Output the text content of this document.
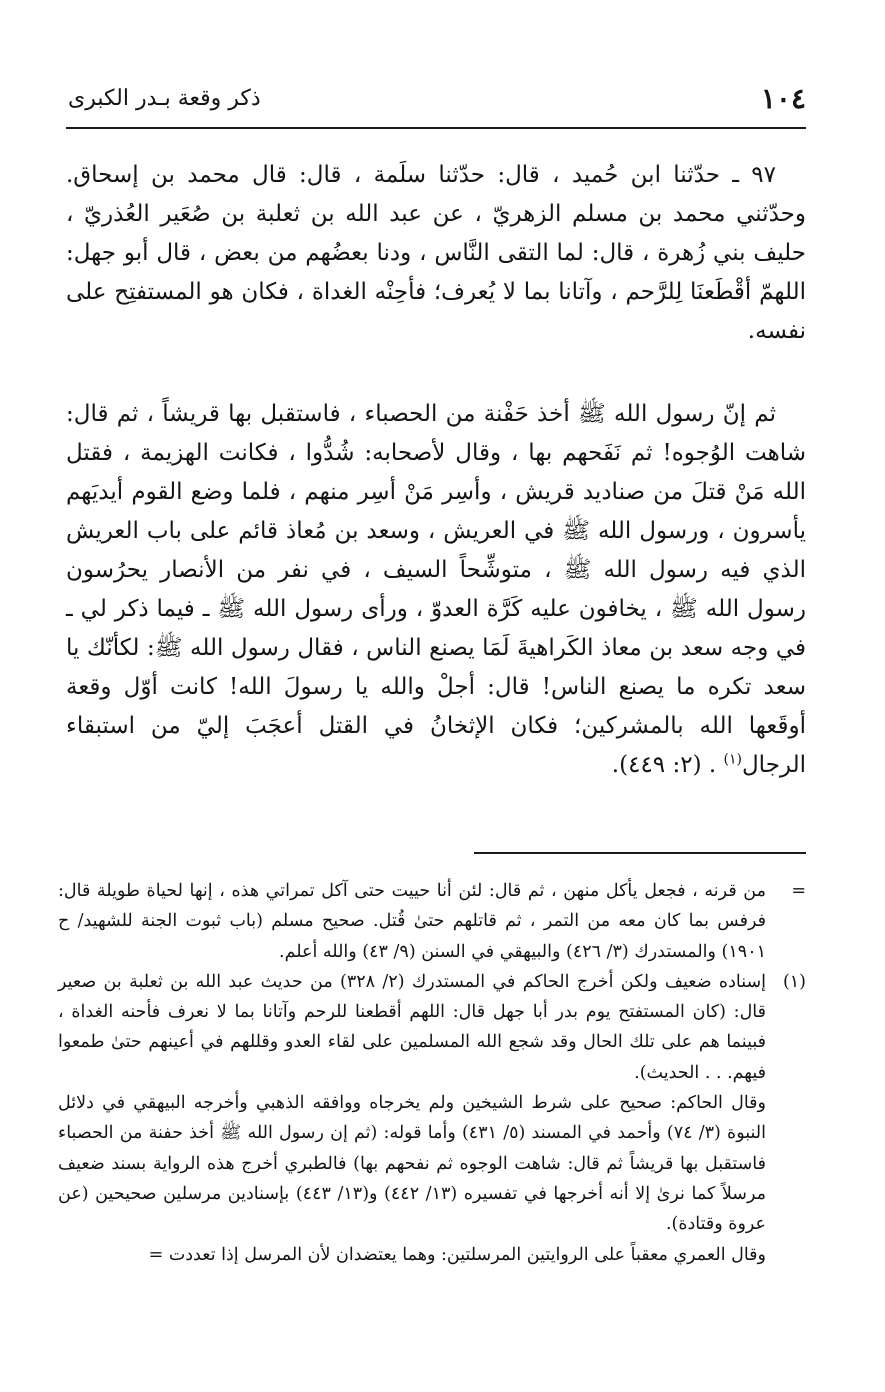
١٠٤
ذكر وقعة بـدر الكبرى

٩٧ ـ حدّثنا ابن حُميد ، قال: حدّثنا سلَمة ، قال: قال محمد بن إسحاق. وحدّثني محمد بن مسلم الزهريّ ، عن عبد الله بن ثعلبة بن صُعَير العُذريّ ، حليف بني زُهرة ، قال: لما التقى النَّاس ، ودنا بعضُهم من بعض ، قال أبو جهل: اللهمّ أقْطَعنَا لِلرَّحم ، وآتانا بما لا يُعرف؛ فأحِنْه الغداة ، فكان هو المستفتِح على نفسه.

ثم إنّ رسول الله ﷺ أخذ حَفْنة من الحصباء ، فاستقبل بها قريشاً ، ثم قال: شاهت الوُجوه! ثم نَفَحهم بها ، وقال لأصحابه: شُدُّوا ، فكانت الهزيمة ، فقتل الله مَنْ قتلَ من صناديد قريش ، وأسِر مَنْ أسِر منهم ، فلما وضع القوم أيديَهم يأسرون ، ورسول الله ﷺ في العريش ، وسعد بن مُعاذ قائم على باب العريش الذي فيه رسول الله ﷺ ، متوشِّحاً السيف ، في نفر من الأنصار يحرُسون رسول الله ﷺ ، يخافون عليه كَرَّة العدوّ ، ورأى رسول الله ﷺ ـ فيما ذكر لي ـ في وجه سعد بن معاذ الكَراهيةَ لَمَا يصنع الناس ، فقال رسول الله ﷺ: لكأنّك يا سعد تكره ما يصنع الناس! قال: أجلْ والله يا رسولَ الله! كانت أوّل وقعة أوقَعها الله بالمشركين؛ فكان الإثخانُ في القتل أعجَبَ إليّ من استبقاء الرجال$^{(١)}$ . (٢: ٤٤٩).

=

من قرنه ، فجعل يأكل منهن ، ثم قال: لئن أنا حييت حتى آكل تمراتي هذه ، إنها لحياة طويلة قال: فرفس بما كان معه من التمر ، ثم قاتلهم حتىٰ قُتل. صحيح مسلم (باب ثبوت الجنة للشهيد/ ح ١٩٠١) والمستدرك (٣/ ٤٢٦) والبيهقي في السنن (٩/ ٤٣) والله أعلم.

(١)

إسناده ضعيف ولكن أخرج الحاكم في المستدرك (٢/ ٣٢٨) من حديث عبد الله بن ثعلبة بن صعير قال: (كان المستفتح يوم بدر أبا جهل قال: اللهم أقطعنا للرحم وآتانا بما لا نعرف فأحنه الغداة ، فبينما هم على تلك الحال وقد شجع الله المسلمين على لقاء العدو وقللهم في أعينهم حتىٰ طمعوا فيهم. . . الحديث).

وقال الحاكم: صحيح على شرط الشيخين ولم يخرجاه ووافقه الذهبي وأخرجه البيهقي في دلائل النبوة (٣/ ٧٤) وأحمد في المسند (٥/ ٤٣١) وأما قوله: (ثم إن رسول الله ﷺ أخذ حفنة من الحصباء فاستقبل بها قريشاً ثم قال: شاهت الوجوه ثم نفحهم بها) فالطبري أخرج هذه الرواية بسند ضعيف مرسلاً كما نرىٰ إلا أنه أخرجها في تفسيره (١٣/ ٤٤٢) و(١٣/ ٤٤٣) بإسنادين مرسلين صحيحين (عن عروة وقتادة).

وقال العمري معقباً على الروايتين المرسلتين: وهما يعتضدان لأن المرسل إذا تعددت =
